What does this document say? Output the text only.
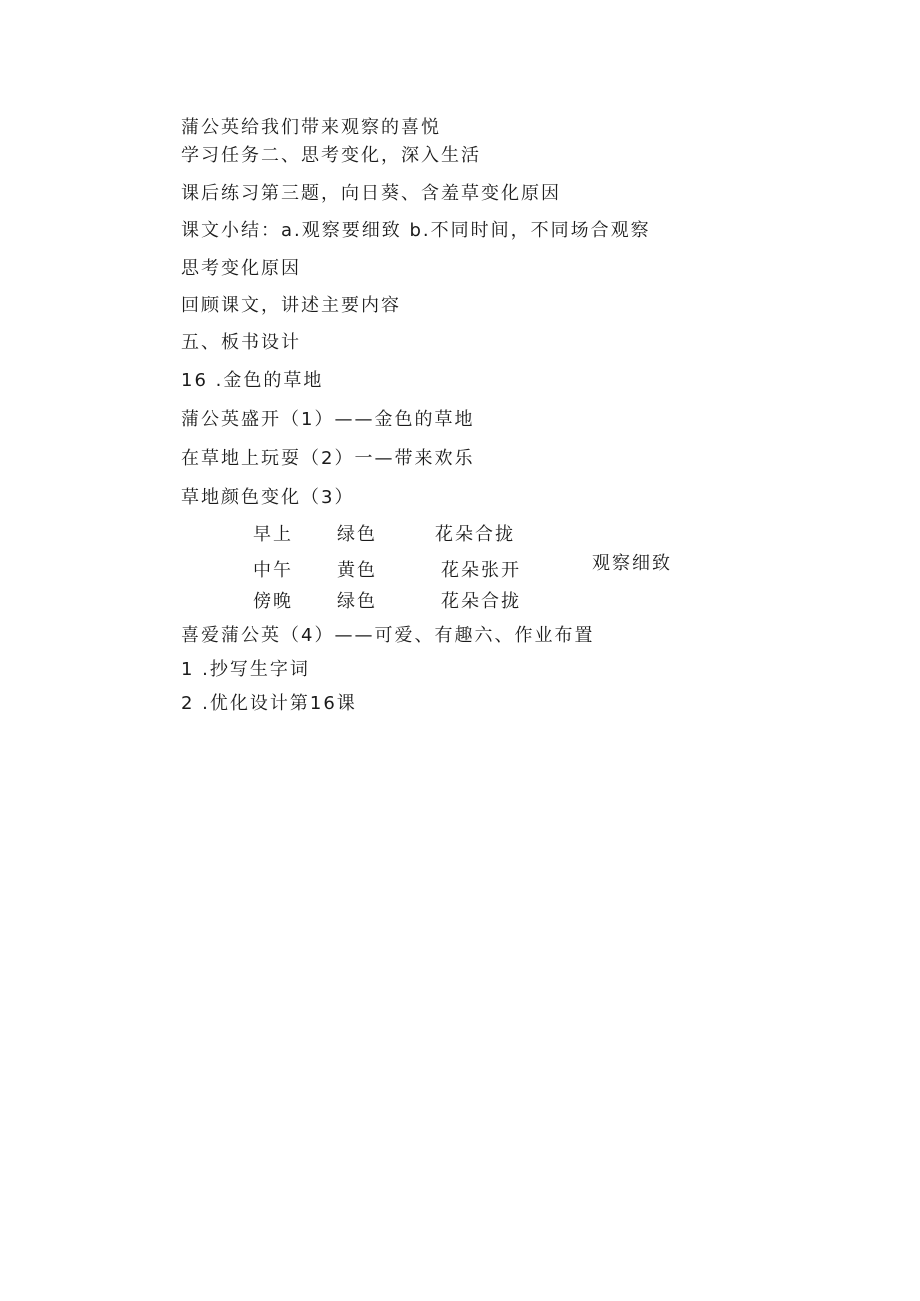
蒲公英给我们带来观察的喜悦
学习任务二、思考变化，深入生活
课后练习第三题，向日葵、含羞草变化原因
课文小结：a.观察要细致 b.不同时间，不同场合观察
思考变化原因
回顾课文，讲述主要内容
五、板书设计
16 .金色的草地
蒲公英盛开（1）——金色的草地
在草地上玩耍（2）一—带来欢乐
草地颜色变化（3）
早上 绿色	花朵合拢
中午 黄色	花朵张开
傍晚 绿色	花朵合拢
观察细致
喜爱蒲公英（4）——可爱、有趣六、作业布置
1 .抄写生字词
2 .优化设计第16课
